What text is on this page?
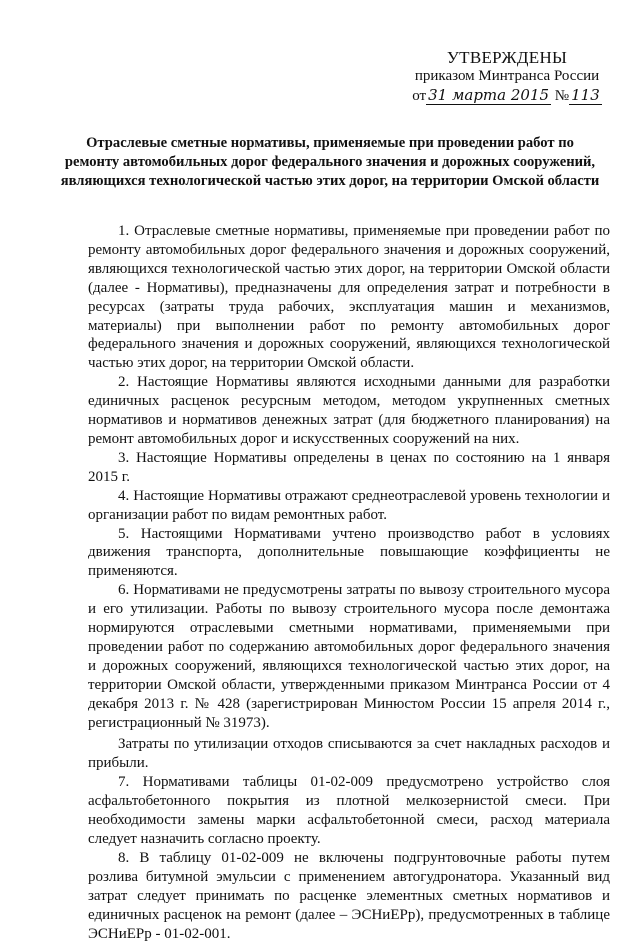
УТВЕРЖДЕНЫ
приказом Минтранса России
от 31 марта 2015 № 113
Отраслевые сметные нормативы, применяемые при проведении работ по ремонту автомобильных дорог федерального значения и дорожных сооружений, являющихся технологической частью этих дорог, на территории Омской области

1. Отраслевые сметные нормативы, применяемые при проведении работ по ремонту автомобильных дорог федерального значения и дорожных сооружений, являющихся технологической частью этих дорог, на территории Омской области (далее - Нормативы), предназначены для определения затрат и потребности в ресурсах (затраты труда рабочих, эксплуатация машин и механизмов, материалы) при выполнении работ по ремонту автомобильных дорог федерального значения и дорожных сооружений, являющихся технологической частью этих дорог, на территории Омской области.

2. Настоящие Нормативы являются исходными данными для разработки единичных расценок ресурсным методом, методом укрупненных сметных нормативов и нормативов денежных затрат (для бюджетного планирования) на ремонт автомобильных дорог и искусственных сооружений на них.

3. Настоящие Нормативы определены в ценах по состоянию на 1 января 2015 г.

4. Настоящие Нормативы отражают среднеотраслевой уровень технологии и организации работ по видам ремонтных работ.

5. Настоящими Нормативами учтено производство работ в условиях движения транспорта, дополнительные повышающие коэффициенты не применяются.

6. Нормативами не предусмотрены затраты по вывозу строительного мусора и его утилизации. Работы по вывозу строительного мусора после демонтажа нормируются отраслевыми сметными нормативами, применяемыми при проведении работ по содержанию автомобильных дорог федерального значения и дорожных сооружений, являющихся технологической частью этих дорог, на территории Омской области, утвержденными приказом Минтранса России от 4 декабря 2013 г. № 428 (зарегистрирован Минюстом России 15 апреля 2014 г., регистрационный № 31973).

Затраты по утилизации отходов списываются за счет накладных расходов и прибыли.

7. Нормативами таблицы 01-02-009 предусмотрено устройство слоя асфальтобетонного покрытия из плотной мелкозернистой смеси. При необходимости замены марки асфальтобетонной смеси, расход материала следует назначить согласно проекту.

8. В таблицу 01-02-009 не включены подгрунтовочные работы путем розлива битумной эмульсии с применением автогудронатора. Указанный вид затрат следует принимать по расценке элементных сметных нормативов и единичных расценок на ремонт (далее – ЭСНиЕРр), предусмотренных в таблице ЭСНиЕРр - 01-02-001.
